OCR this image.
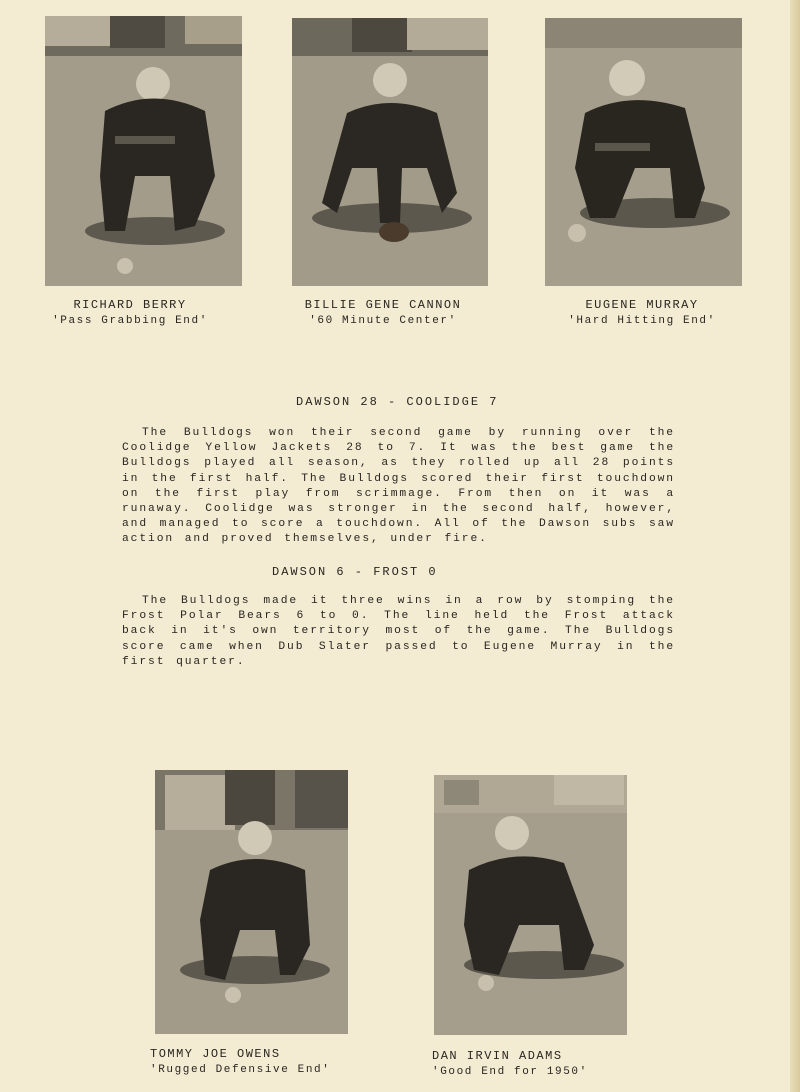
RICHARD BERRY
'Pass Grabbing End'
BILLIE GENE CANNON
'60 Minute Center'
EUGENE MURRAY
'Hard Hitting End'
DAWSON 28 - COOLIDGE 7
The Bulldogs won their second game by running over the Coolidge Yellow Jackets 28 to 7. It was the best game the Bulldogs played all season, as they rolled up all 28 points in the first half. The Bulldogs scored their first touchdown on the first play from scrimmage. From then on it was a runaway. Coolidge was stronger in the second half, however, and managed to score a touchdown. All of the Dawson subs saw action and proved themselves, under fire.
DAWSON 6 - FROST 0
The Bulldogs made it three wins in a row by stomping the Frost Polar Bears 6 to 0. The line held the Frost attack back in it's own territory most of the game. The Bulldogs score came when Dub Slater passed to Eugene Murray in the first quarter.
TOMMY JOE OWENS
'Rugged Defensive End'
DAN IRVIN ADAMS
'Good End for 1950'
